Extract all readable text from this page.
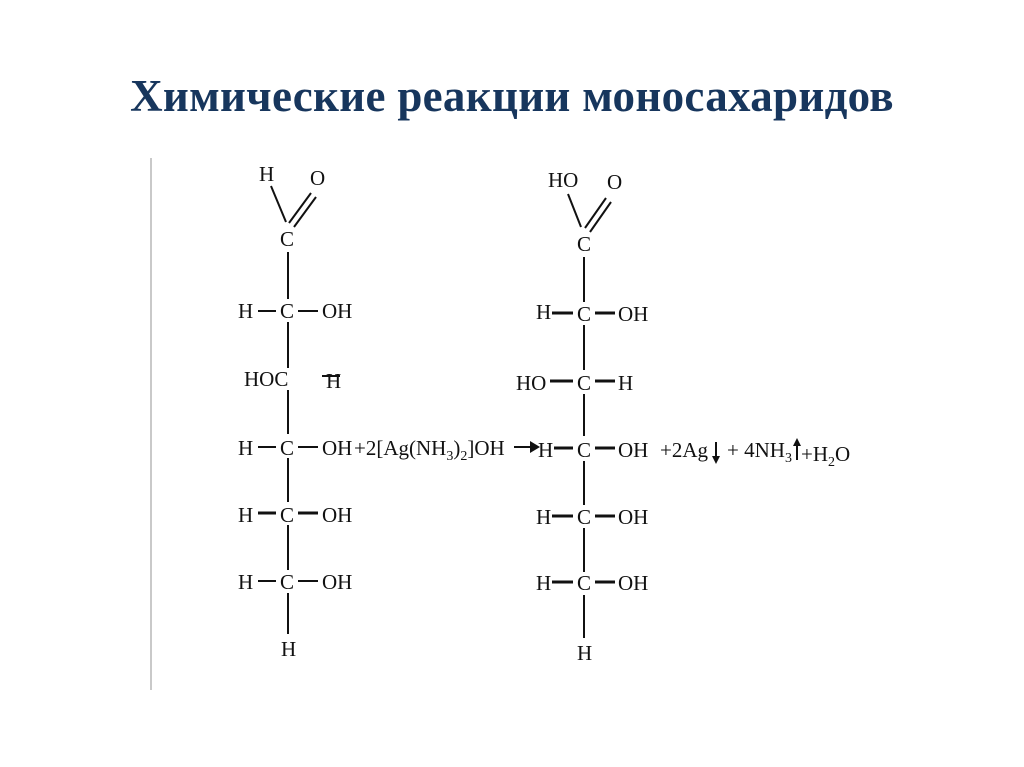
Химические реакции моносахаридов
H O
C
H C OH
HOC H
H C OH
H C OH
H C OH
H
$+2[Ag(NH_3)_2]OH$
HO O
C
H C OH
HO C H
H C OH
H C OH
H C OH
H
$+2Ag + 4NH_3 +H_2O$
